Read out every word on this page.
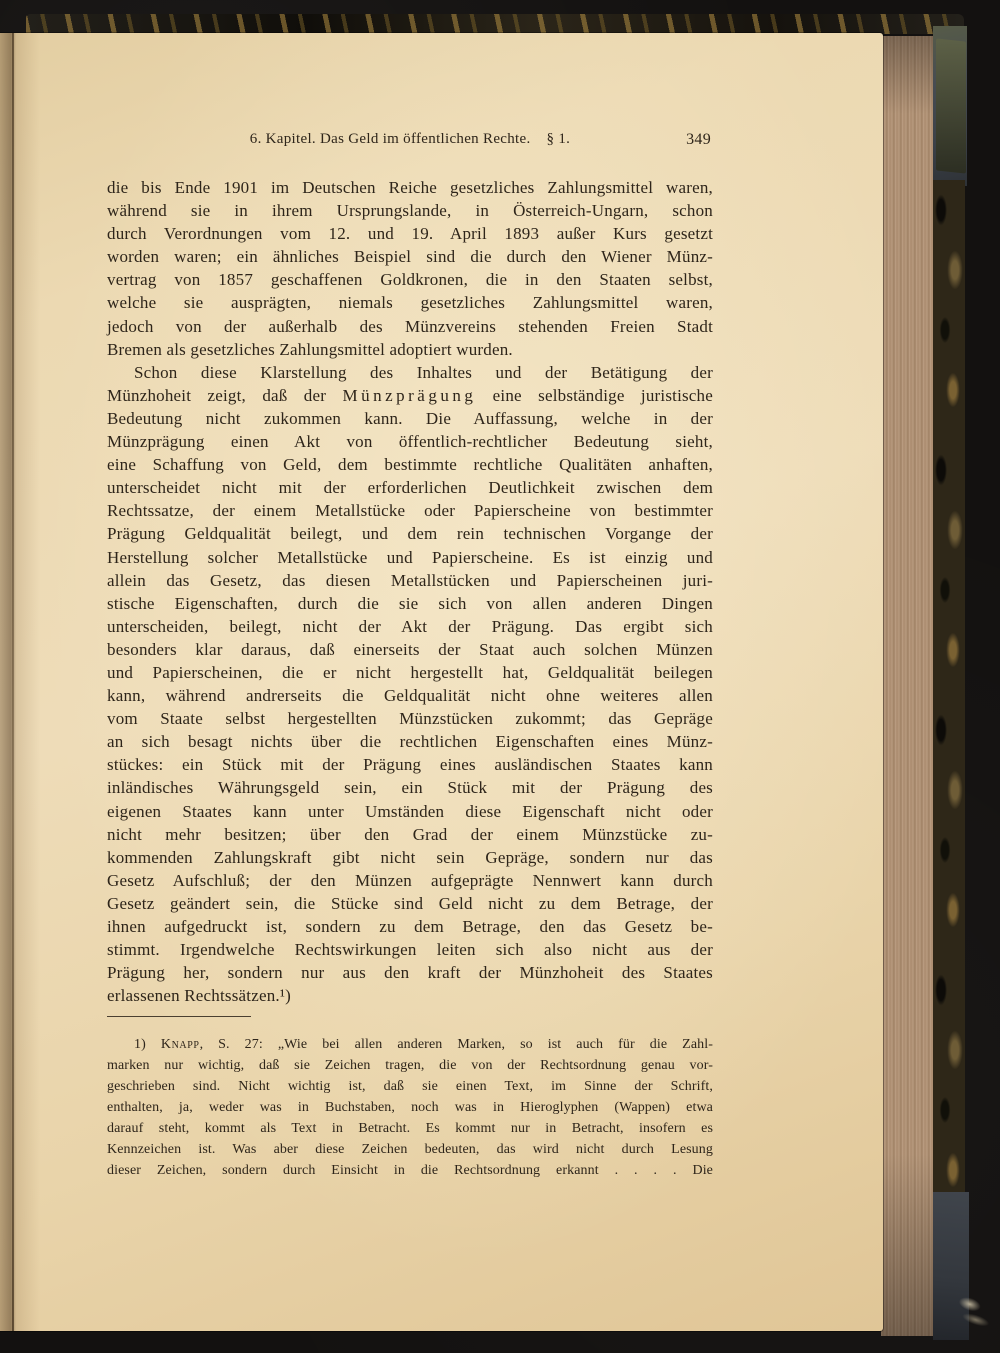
6. Kapitel. Das Geld im öffentlichen Rechte. § 1.	349
die bis Ende 1901 im Deutschen Reiche gesetzliches Zahlungsmittel waren,
während sie in ihrem Ursprungslande, in Österreich-Ungarn, schon
durch Verordnungen vom 12. und 19. April 1893 außer Kurs gesetzt
worden waren; ein ähnliches Beispiel sind die durch den Wiener Münz-
vertrag von 1857 geschaffenen Goldkronen, die in den Staaten selbst,
welche sie ausprägten, niemals gesetzliches Zahlungsmittel waren,
jedoch von der außerhalb des Münzvereins stehenden Freien Stadt
Bremen als gesetzliches Zahlungsmittel adoptiert wurden.
Schon diese Klarstellung des Inhaltes und der Betätigung der
Münzhoheit zeigt, daß der Münzprägung eine selbständige juristische
Bedeutung nicht zukommen kann. Die Auffassung, welche in der
Münzprägung einen Akt von öffentlich-rechtlicher Bedeutung sieht,
eine Schaffung von Geld, dem bestimmte rechtliche Qualitäten anhaften,
unterscheidet nicht mit der erforderlichen Deutlichkeit zwischen dem
Rechtssatze, der einem Metallstücke oder Papierscheine von bestimmter
Prägung Geldqualität beilegt, und dem rein technischen Vorgange der
Herstellung solcher Metallstücke und Papierscheine. Es ist einzig und
allein das Gesetz, das diesen Metallstücken und Papierscheinen juri-
stische Eigenschaften, durch die sie sich von allen anderen Dingen
unterscheiden, beilegt, nicht der Akt der Prägung. Das ergibt sich
besonders klar daraus, daß einerseits der Staat auch solchen Münzen
und Papierscheinen, die er nicht hergestellt hat, Geldqualität beilegen
kann, während andrerseits die Geldqualität nicht ohne weiteres allen
vom Staate selbst hergestellten Münzstücken zukommt; das Gepräge
an sich besagt nichts über die rechtlichen Eigenschaften eines Münz-
stückes: ein Stück mit der Prägung eines ausländischen Staates kann
inländisches Währungsgeld sein, ein Stück mit der Prägung des
eigenen Staates kann unter Umständen diese Eigenschaft nicht oder
nicht mehr besitzen; über den Grad der einem Münzstücke zu-
kommenden Zahlungskraft gibt nicht sein Gepräge, sondern nur das
Gesetz Aufschluß; der den Münzen aufgeprägte Nennwert kann durch
Gesetz geändert sein, die Stücke sind Geld nicht zu dem Betrage, der
ihnen aufgedruckt ist, sondern zu dem Betrage, den das Gesetz be-
stimmt. Irgendwelche Rechtswirkungen leiten sich also nicht aus der
Prägung her, sondern nur aus den kraft der Münzhoheit des Staates
erlassenen Rechtssätzen.¹)
1) Knapp, S. 27: „Wie bei allen anderen Marken, so ist auch für die Zahl-
marken nur wichtig, daß sie Zeichen tragen, die von der Rechtsordnung genau vor-
geschrieben sind. Nicht wichtig ist, daß sie einen Text, im Sinne der Schrift,
enthalten, ja, weder was in Buchstaben, noch was in Hieroglyphen (Wappen) etwa
darauf steht, kommt als Text in Betracht. Es kommt nur in Betracht, insofern es
Kennzeichen ist. Was aber diese Zeichen bedeuten, das wird nicht durch Lesung
dieser Zeichen, sondern durch Einsicht in die Rechtsordnung erkannt . . . . Die
